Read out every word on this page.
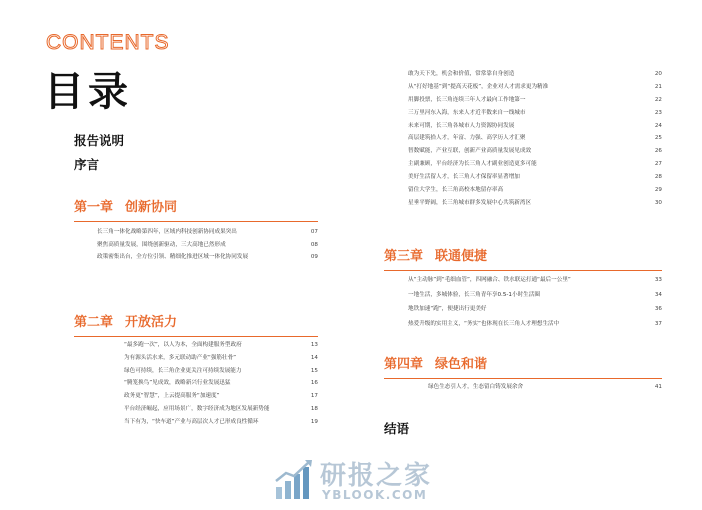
CONTENTS
目录
报告说明
序言
第一章 创新协同
长三角一体化战略第四年，区域内科技创新协同成果突出	07
聚焦高质量发展，围绕创新驱动，三大高地已然形成	08
政策密集出台，全方位引领、精细化推进区域一体化协同发展	09
第二章 开放活力
“最多跑一次”，以人为本，全面构建服务型政府	13
为有源头活水来，多元联动助产业“强筋壮骨”	14
绿色可持续，长三角企业更关注可持续发展能力	15
“腾笼换鸟”见成效，战略新兴行业发展迅猛	16
政务更“智慧”，上云提高服务“加速度”	17
平台经济崛起，应用场景广，数字经济成为地区发展新势能	18
当下有为，“快车道”产业与高层次人才已形成良性循环	19
敢为天下先，机会和价值，常常靠自身创造	20
从“打好地基”到“提高天花板”，企业对人才需求更为精准	21
用脚投票，长三角连续三年人才最向工作地第一	22
三万里河东入海，东来人才近半数来自一线城市	23
未来可期，长三角各城市人力资源协同发展	24
高层建筑拾人才，年富、力强、高学历人才汇聚	25
智数赋能，产业互联，创新产业高质量发展见成效	26
主副兼顾，平台经济为长三角人才副业创造更多可能	27
美好生活留人才，长三角人才保留率显著增加	28
留住大学生，长三角高校本地留存率高	29
星垂平野阔，长三角城市群多发展中心共筑新湾区	30
第三章 联通便捷
从“主动脉”到“毛细血管”，四网融合、铁水联运打通“最后一公里”	33
一地生活，多城体验，长三角青年享0.5-1小时生活圈	34
地铁加速“跑”，便捷出行更美好	36
热爱升级的实用主义，“务实”也体现在长三角人才理想生活中	37
第四章 绿色和谐
绿色生态引人才，生态留白铸发展余舍	41
结语
研报之家
YBLOOK.COM
